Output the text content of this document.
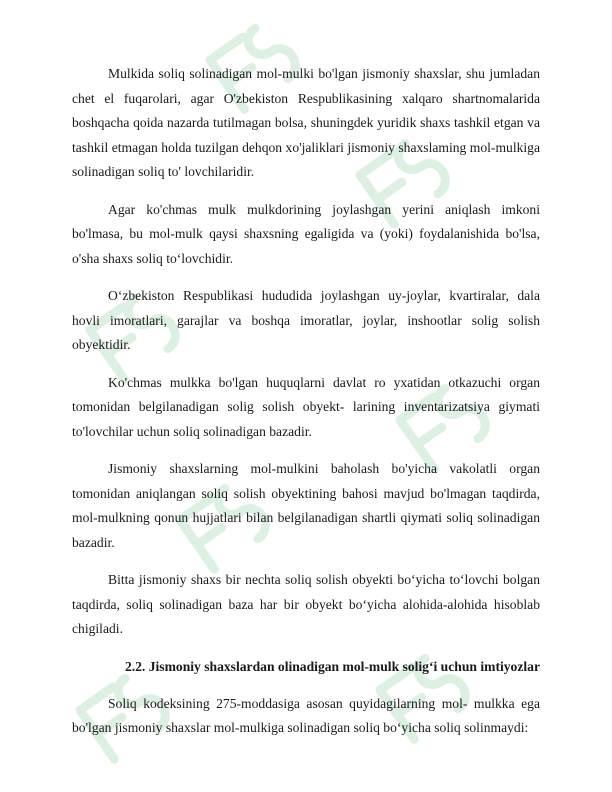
Mulkida soliq solinadigan mol-mulki bo'lgan jismoniy shaxslar, shu jumladan chet el fuqarolari, agar O'zbekiston Respublikasining xalqaro shartnomalarida boshqacha qoida nazarda tutilmagan bolsa, shuningdek yuridik shaxs tashkil etgan va tashkil etmagan holda tuzilgan dehqon xo'jaliklari jismoniy shaxslaming mol-mulkiga solinadigan soliq to' lovchilaridir.

Agar ko'chmas mulk mulkdorining joylashgan yerini aniqlash imkoni bo'lmasa, bu mol-mulk qaysi shaxsning egaligida va (yoki) foydalanishida bo'lsa, o'sha shaxs soliq to‘lovchidir.

O‘zbekiston Respublikasi hududida joylashgan uy-joylar, kvartiralar, dala hovli imoratlari, garajlar va boshqa imoratlar, joylar, inshootlar solig solish obyektidir.

Ko'chmas mulkka bo'lgan huquqlarni davlat ro yxatidan otkazuchi organ tomonidan belgilanadigan solig solish obyekt- larining inventarizatsiya giymati to'lovchilar uchun soliq solinadigan bazadir.

Jismoniy shaxslarning mol-mulkini baholash bo'yicha vakolatli organ tomonidan aniqlangan soliq solish obyektining bahosi mavjud bo'lmagan taqdirda, mol-mulkning qonun hujjatlari bilan belgilanadigan shartli qiymati soliq solinadigan bazadir.

Bitta jismoniy shaxs bir nechta soliq solish obyekti bo‘yicha to‘lovchi bolgan taqdirda, soliq solinadigan baza har bir obyekt bo‘yicha alohida-alohida hisoblab chigiladi.

2.2. Jismoniy shaxslardan olinadigan mol-mulk solig‘i uchun imtiyozlar

Soliq kodeksining 275-moddasiga asosan quyidagilarning mol- mulkka ega bo'lgan jismoniy shaxslar mol-mulkiga solinadigan soliq bo‘yicha soliq solinmaydi:
